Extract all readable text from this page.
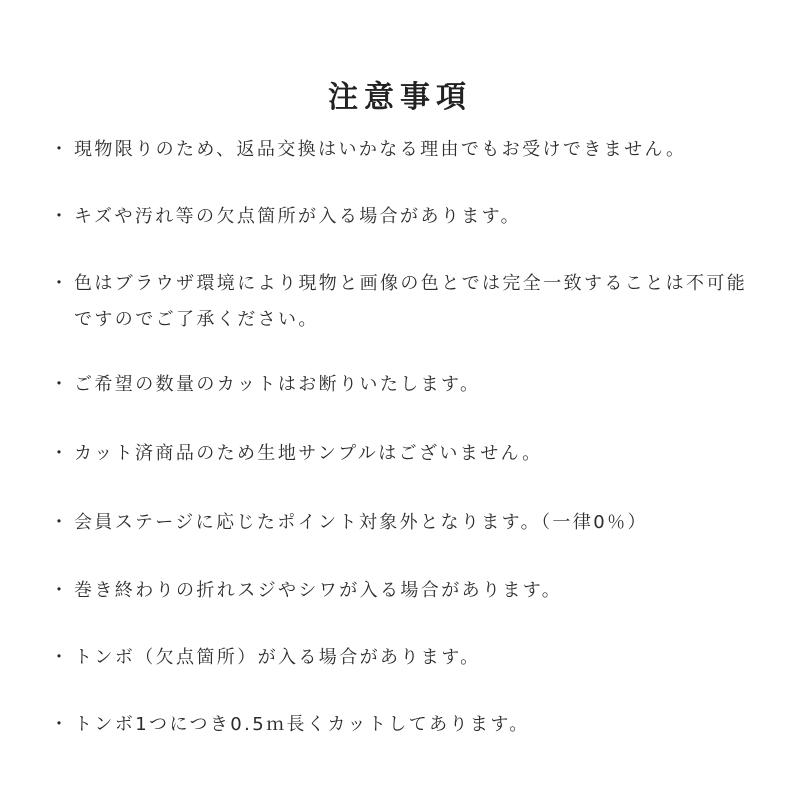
注意事項
・ 現物限りのため、返品交換はいかなる理由でもお受けできません。
・ キズや汚れ等の欠点箇所が入る場合があります。
・ 色はブラウザ環境により現物と画像の色とでは完全一致することは不可能ですのでご了承ください。
・ ご希望の数量のカットはお断りいたします。
・ カット済商品のため生地サンプルはございません。
・ 会員ステージに応じたポイント対象外となります。（一律0％）
・ 巻き終わりの折れスジやシワが入る場合があります。
・ トンボ（欠点箇所）が入る場合があります。
・ トンボ1つにつき0.5ｍ長くカットしてあります。
